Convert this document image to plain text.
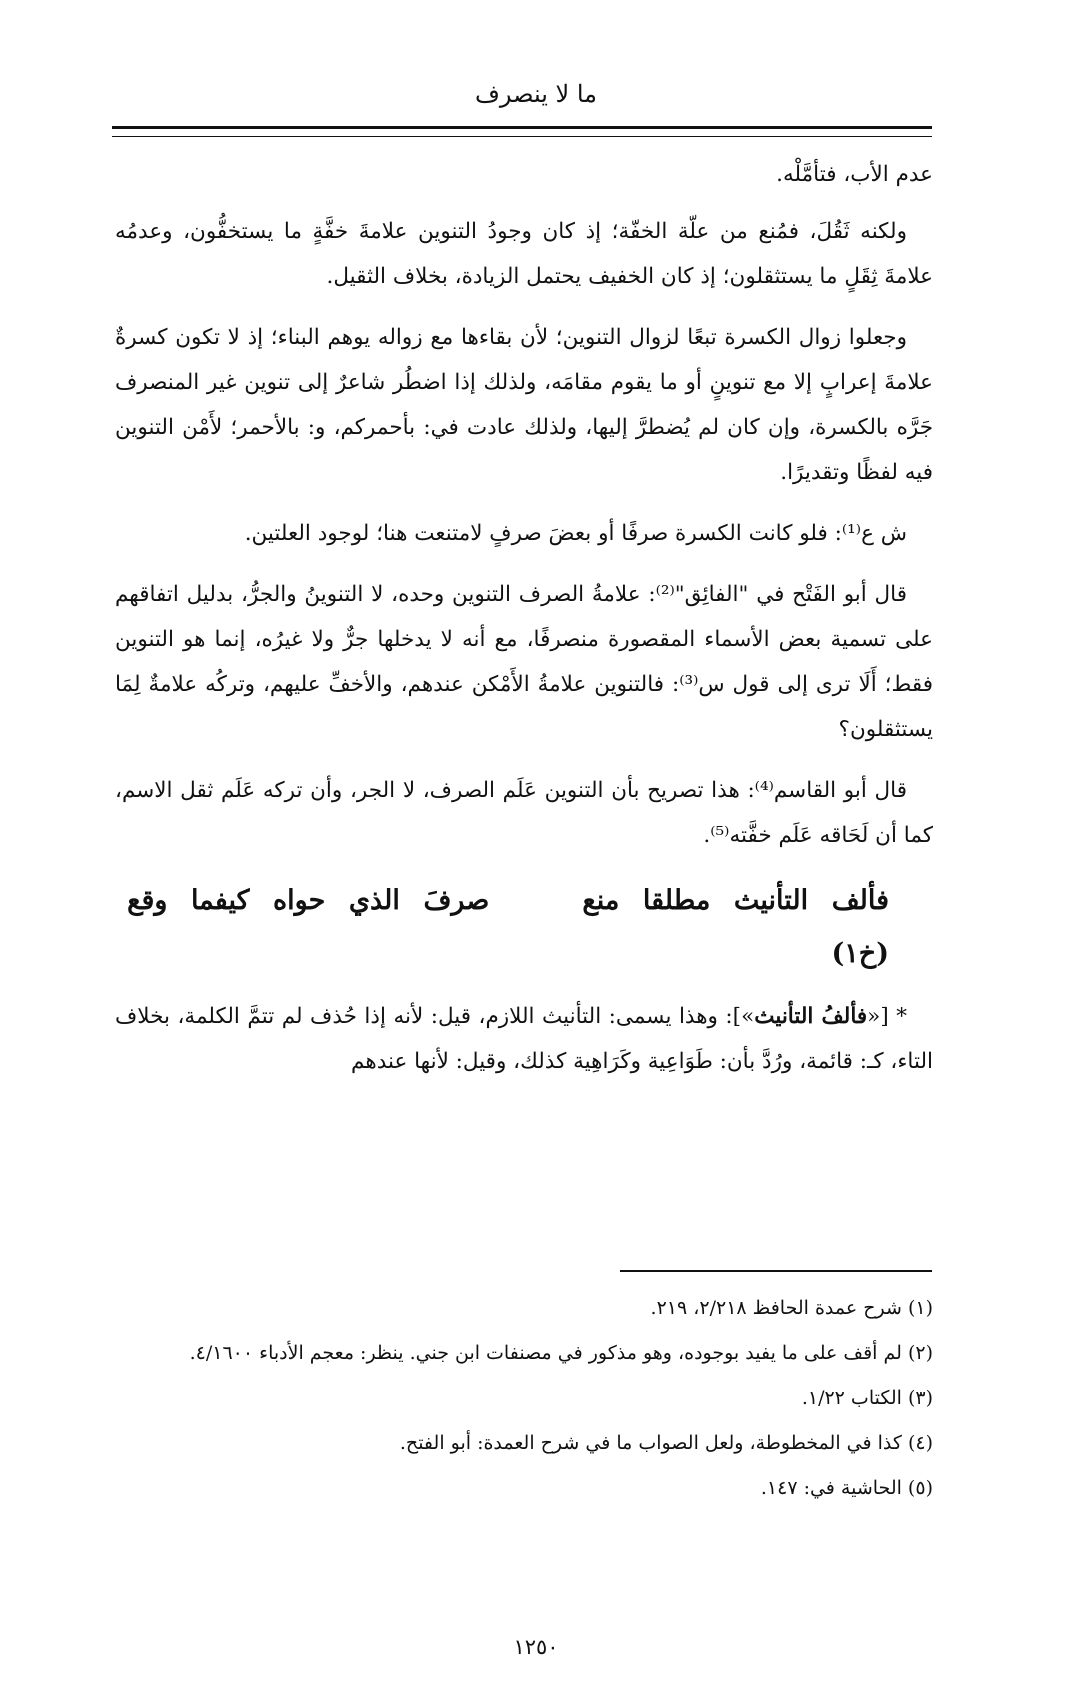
ما لا ينصرف

عدم الأب، فتأمَّلْه.

ولكنه ثَقُلَ، فمُنع من علّة الخفّة؛ إذ كان وجودُ التنوين علامةَ خفَّةٍ ما يستخفُّون، وعدمُه علامةَ ثِقَلٍ ما يستثقلون؛ إذ كان الخفيف يحتمل الزيادة، بخلاف الثقيل.

وجعلوا زوال الكسرة تبعًا لزوال التنوين؛ لأن بقاءها مع زواله يوهم البناء؛ إذ لا تكون كسرةٌ علامةَ إعرابٍ إلا مع تنوينٍ أو ما يقوم مقامَه، ولذلك إذا اضطُر شاعرٌ إلى تنوين غير المنصرف جَرَّه بالكسرة، وإن كان لم يُضطرَّ إليها، ولذلك عادت في: بأحمركم، و: بالأحمر؛ لأَمْن التنوين فيه لفظًا وتقديرًا.

ش ع⁽¹⁾: فلو كانت الكسرة صرفًا أو بعضَ صرفٍ لامتنعت هنا؛ لوجود العلتين.

قال أبو الفَتْح في "الفائِق"⁽²⁾: علامةُ الصرف التنوين وحده، لا التنوينُ والجرُّ، بدليل اتفاقهم على تسمية بعض الأسماء المقصورة منصرفًا، مع أنه لا يدخلها جرٌّ ولا غيرُه، إنما هو التنوين فقط؛ أَلَا ترى إلى قول س⁽³⁾: فالتنوين علامةُ الأَمْكن عندهم، والأخفِّ عليهم، وتركُه علامةٌ لِمَا يستثقلون؟

قال أبو القاسم⁽⁴⁾: هذا تصريح بأن التنوين عَلَم الصرف، لا الجر، وأن تركه عَلَم ثقل الاسم، كما أن لَحَاقه عَلَم خفَّته⁽⁵⁾.

فألف
التأنيث
مطلقا
منع
صرفَ
الذي
حواه
كيفما
وقع
(خ١)

* [«فألفُ التأنيث»]: وهذا يسمى: التأنيث اللازم، قيل: لأنه إذا حُذف لم تتمَّ الكلمة، بخلاف التاء، كـ: قائمة، ورُدَّ بأن: طَوَاعِية وكَرَاهِية كذلك، وقيل: لأنها عندهم

(١) شرح عمدة الحافظ ٢/٢١٨، ٢١٩.

(٢) لم أقف على ما يفيد بوجوده، وهو مذكور في مصنفات ابن جني. ينظر: معجم الأدباء ٤/١٦٠٠.

(٣) الكتاب ١/٢٢.

(٤) كذا في المخطوطة، ولعل الصواب ما في شرح العمدة: أبو الفتح.

(٥) الحاشية في: ١٤٧.

١٢٥٠
